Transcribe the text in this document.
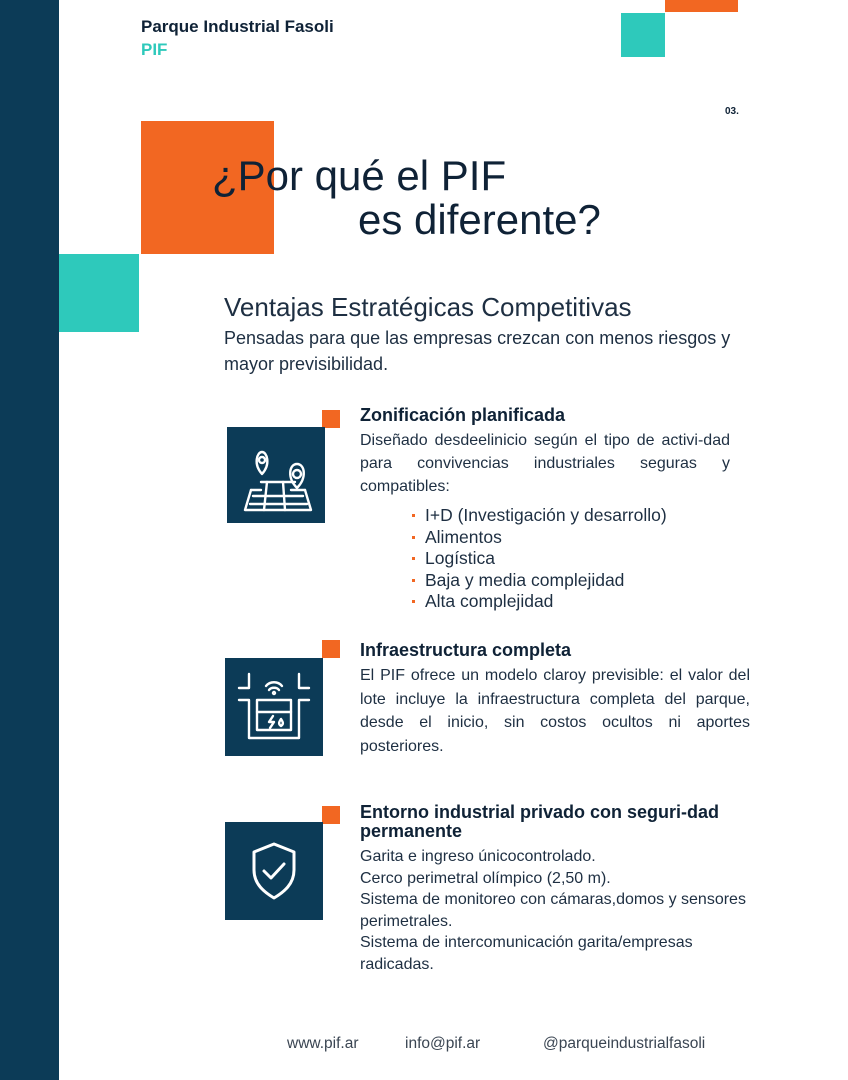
Parque Industrial Fasoli
PIF
03.
¿Por qué el PIF
es diferente?
Ventajas Estratégicas Competitivas
Pensadas para que las empresas crezcan con menos riesgos y mayor previsibilidad.
Zonificación planificada
Diseñado desdeelinicio según el tipo de activi-dad para convivencias industriales seguras y compatibles:
I+D (Investigación y desarrollo)
Alimentos
Logística
Baja y media complejidad
Alta complejidad
Infraestructura completa
El PIF ofrece un modelo claroy previsible: el valor del lote incluye la infraestructura completa del parque, desde el inicio, sin costos ocultos ni aportes posteriores.
Entorno industrial privado con seguri-dad permanente
Garita e ingreso únicocontrolado.
Cerco perimetral olímpico (2,50 m).
Sistema de monitoreo con cámaras,domos y sensores perimetrales.
Sistema de intercomunicación garita/empresas radicadas.
www.pif.ar	info@pif.ar	@parqueindustrialfasoli
